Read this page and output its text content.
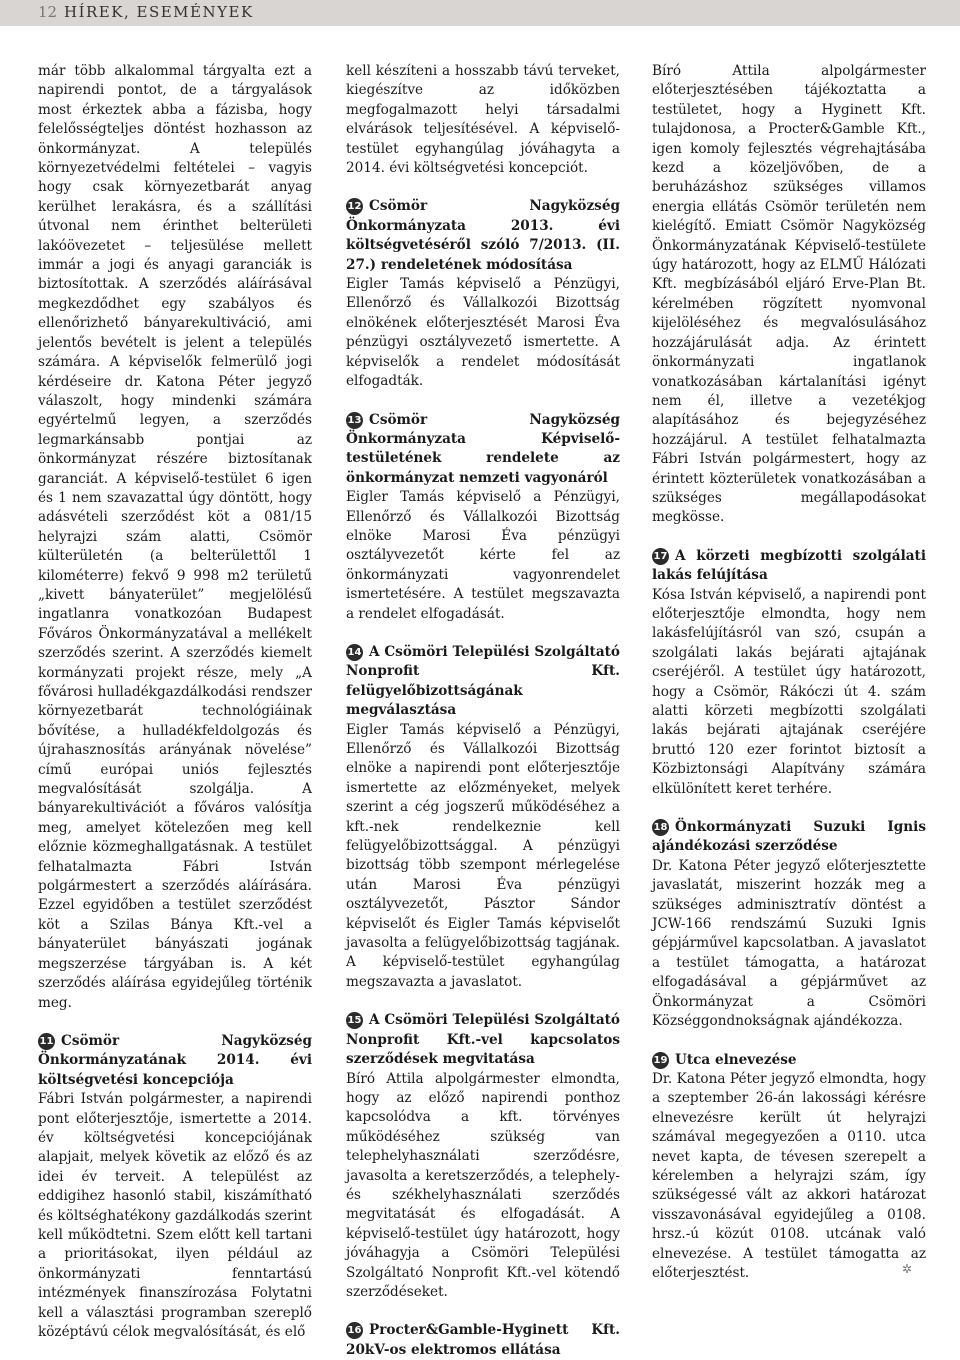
12 HÍREK, ESEMÉNYEK

már több alkalommal tárgyalta ezt a napirendi pontot, de a tárgyalások most érkeztek abba a fázisba, hogy felelősségteljes döntést hozhasson az önkormányzat. A település környezetvédelmi feltételei – vagyis hogy csak környezetbarát anyag kerülhet lerakásra, és a szállítási útvonal nem érinthet belterületi lakóövezetet – teljesülése mellett immár a jogi és anyagi garanciák is biztosítottak. A szerződés aláírásával megkezdődhet egy szabályos és ellenőrizhető bányarekultiváció, ami jelentős bevételt is jelent a település számára. A képviselők felmerülő jogi kérdéseire dr. Katona Péter jegyző válaszolt, hogy mindenki számára egyértelmű legyen, a szerződés legmarkánsabb pontjai az önkormányzat részére biztosítanak garanciát. A képviselő-testület 6 igen és 1 nem szavazattal úgy döntött, hogy adásvételi szerződést köt a 081/15 helyrajzi szám alatti, Csömör külterületén (a belterülettől 1 kilométerre) fekvő 9 998 m2 területű „kivett bányaterület” megjelölésű ingatlanra vonatkozóan Budapest Főváros Önkormányzatával a mellékelt szerződés szerint. A szerződés kiemelt kormányzati projekt része, mely „A fővárosi hulladékgazdálkodási rendszer környezetbarát technológiáinak bővítése, a hulladékfeldolgozás és újrahasznosítás arányának növelése” című európai uniós fejlesztés megvalósítását szolgálja. A bányarekultivációt a főváros valósítja meg, amelyet kötelezően meg kell előznie közmeghallgatásnak. A testület felhatalmazta Fábri István polgármestert a szerződés aláírására. Ezzel egyidőben a testület szerződést köt a Szilas Bánya Kft.-vel a bányaterület bányászati jogának megszerzése tárgyában is. A két szerződés aláírása egyidejűleg történik meg.

11 Csömör Nagyközség Önkormányzatának 2014. évi költségvetési koncepciója

Fábri István polgármester, a napirendi pont előterjesztője, ismertette a 2014. év költségvetési koncepciójának alapjait, melyek követik az előző és az idei év terveit. A települést az eddigihez hasonló stabil, kiszámítható és költséghatékony gazdálkodás szerint kell működtetni. Szem előtt kell tartani a prioritásokat, ilyen például az önkormányzati fenntartású intézmények finanszírozása Folytatni kell a választási programban szereplő középtávú célok megvalósítását, és elő

kell készíteni a hosszabb távú terveket, kiegészítve az időközben megfogalmazott helyi társadalmi elvárások teljesítésével. A képviselő-testület egyhangúlag jóváhagyta a 2014. évi költségvetési koncepciót.

12 Csömör Nagyközség Önkormányzata 2013. évi költségvetéséről szóló 7/2013. (II. 27.) rendeletének módosítása

Eigler Tamás képviselő a Pénzügyi, Ellenőrző és Vállalkozói Bizottság elnökének előterjesztését Marosi Éva pénzügyi osztályvezető ismertette. A képviselők a rendelet módosítását elfogadták.

13 Csömör Nagyközség Önkormányzata Képviselő-testületének rendelete az önkormányzat nemzeti vagyonáról

Eigler Tamás képviselő a Pénzügyi, Ellenőrző és Vállalkozói Bizottság elnöke Marosi Éva pénzügyi osztályvezetőt kérte fel az önkormányzati vagyonrendelet ismertetésére. A testület megszavazta a rendelet elfogadását.

14 A Csömöri Települési Szolgáltató Nonprofit Kft. felügyelőbizottságának megválasztása

Eigler Tamás képviselő a Pénzügyi, Ellenőrző és Vállalkozói Bizottság elnöke a napirendi pont előterjesztője ismertette az előzményeket, melyek szerint a cég jogszerű működéséhez a kft.-nek rendelkeznie kell felügyelőbizottsággal. A pénzügyi bizottság több szempont mérlegelése után Marosi Éva pénzügyi osztályvezetőt, Pásztor Sándor képviselőt és Eigler Tamás képviselőt javasolta a felügyelőbizottság tagjának. A képviselő-testület egyhangúlag megszavazta a javaslatot.

15 A Csömöri Települési Szolgáltató Nonprofit Kft.-vel kapcsolatos szerződések megvitatása

Bíró Attila alpolgármester elmondta, hogy az előző napirendi ponthoz kapcsolódva a kft. törvényes működéséhez szükség van telephelyhasználati szerződésre, javasolta a keretszerződés, a telephely- és székhelyhasználati szerződés megvitatását és elfogadását. A képviselő-testület úgy határozott, hogy jóváhagyja a Csömöri Települési Szolgáltató Nonprofit Kft.-vel kötendő szerződéseket.

16 Procter&Gamble-Hyginett Kft. 20kV-os elektromos ellátása

Bíró Attila alpolgármester előterjesztésében tájékoztatta a testületet, hogy a Hyginett Kft. tulajdonosa, a Procter&Gamble Kft., igen komoly fejlesztés végrehajtásába kezd a közeljövőben, de a beruházáshoz szükséges villamos energia ellátás Csömör területén nem kielégítő. Emiatt Csömör Nagyközség Önkormányzatának Képviselő-testülete úgy határozott, hogy az ELMŰ Hálózati Kft. megbízásából eljáró Erve-Plan Bt. kérelmében rögzített nyomvonal kijelöléséhez és megvalósulásához hozzájárulását adja. Az érintett önkormányzati ingatlanok vonatkozásában kártalanítási igényt nem él, illetve a vezetékjog alapításához és bejegyzéséhez hozzájárul. A testület felhatalmazta Fábri István polgármestert, hogy az érintett közterületek vonatkozásában a szükséges megállapodásokat megkösse.

17 A körzeti megbízotti szolgálati lakás felújítása

Kósa István képviselő, a napirendi pont előterjesztője elmondta, hogy nem lakásfelújításról van szó, csupán a szolgálati lakás bejárati ajtajának cseréjéről. A testület úgy határozott, hogy a Csömör, Rákóczi út 4. szám alatti körzeti megbízotti szolgálati lakás bejárati ajtajának cseréjére bruttó 120 ezer forintot biztosít a Közbiztonsági Alapítvány számára elkülönített keret terhére.

18 Önkormányzati Suzuki Ignis ajándékozási szerződése

Dr. Katona Péter jegyző előterjesztette javaslatát, miszerint hozzák meg a szükséges adminisztratív döntést a JCW-166 rendszámú Suzuki Ignis gépjárművel kapcsolatban. A javaslatot a testület támogatta, a határozat elfogadásával a gépjárművet az Önkormányzat a Csömöri Községgondnokságnak ajándékozza.

19 Utca elnevezése

Dr. Katona Péter jegyző elmondta, hogy a szeptember 26-án lakossági kérésre elnevezésre került út helyrajzi számával megegyezően a 0110. utca nevet kapta, de tévesen szerepelt a kérelemben a helyrajzi szám, így szükségessé vált az akkori határozat visszavonásával egyidejűleg a 0108. hrsz.-ú közút 0108. utcának való elnevezése. A testület támogatta az előterjesztést.	✲
